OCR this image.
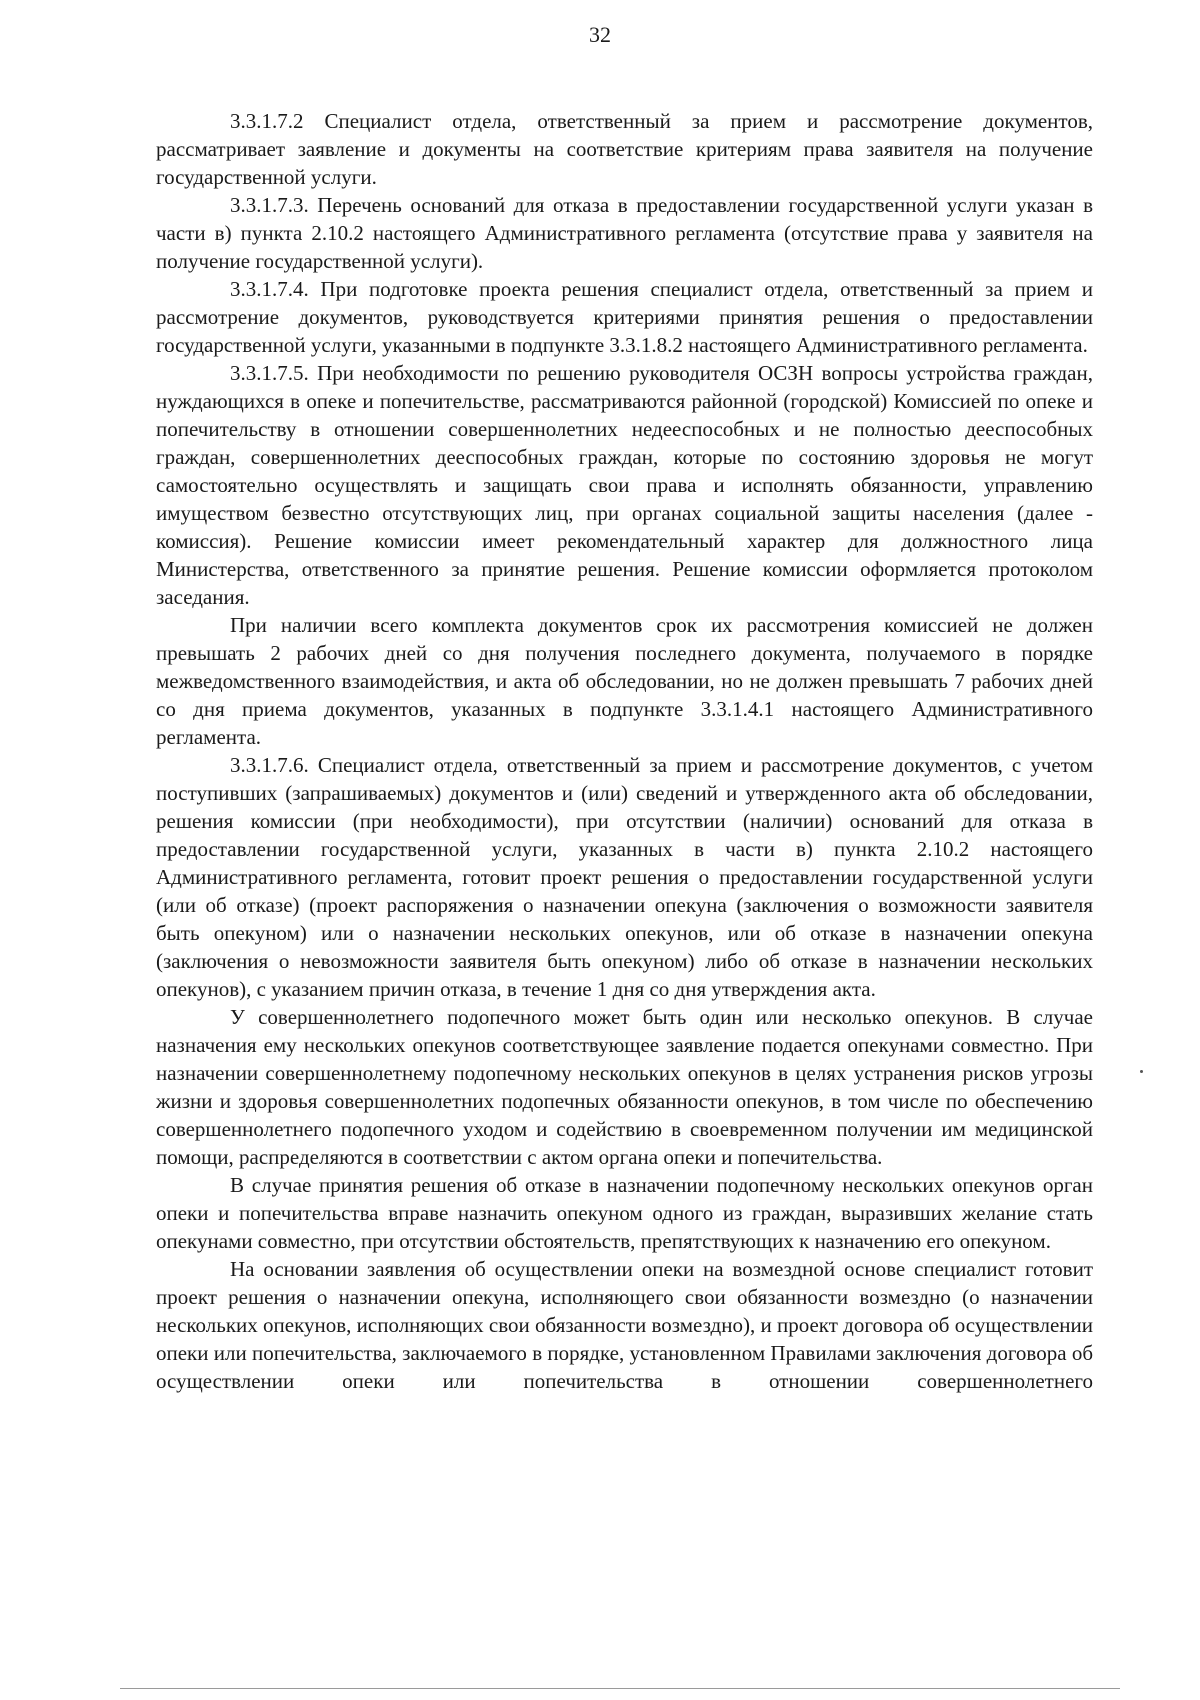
32

3.3.1.7.2 Специалист отдела, ответственный за прием и рассмотрение документов, рассматривает заявление и документы на соответствие критериям права заявителя на получение государственной услуги.

3.3.1.7.3. Перечень оснований для отказа в предоставлении государственной услуги указан в части в) пункта 2.10.2 настоящего Административного регламента (отсутствие права у заявителя на получение государственной услуги).

3.3.1.7.4. При подготовке проекта решения специалист отдела, ответственный за прием и рассмотрение документов, руководствуется критериями принятия решения о предоставлении государственной услуги, указанными в подпункте 3.3.1.8.2 настоящего Административного регламента.

3.3.1.7.5. При необходимости по решению руководителя ОСЗН вопросы устройства граждан, нуждающихся в опеке и попечительстве, рассматриваются районной (городской) Комиссией по опеке и попечительству в отношении совершеннолетних недееспособных и не полностью дееспособных граждан, совершеннолетних дееспособных граждан, которые по состоянию здоровья не могут самостоятельно осуществлять и защищать свои права и исполнять обязанности, управлению имуществом безвестно отсутствующих лиц, при органах социальной защиты населения (далее - комиссия). Решение комиссии имеет рекомендательный характер для должностного лица Министерства, ответственного за принятие решения. Решение комиссии оформляется протоколом заседания.

При наличии всего комплекта документов срок их рассмотрения комиссией не должен превышать 2 рабочих дней со дня получения последнего документа, получаемого в порядке межведомственного взаимодействия, и акта об обследовании, но не должен превышать 7 рабочих дней со дня приема документов, указанных в подпункте 3.3.1.4.1 настоящего Административного регламента.

3.3.1.7.6. Специалист отдела, ответственный за прием и рассмотрение документов, с учетом поступивших (запрашиваемых) документов и (или) сведений и утвержденного акта об обследовании, решения комиссии (при необходимости), при отсутствии (наличии) оснований для отказа в предоставлении государственной услуги, указанных в части в) пункта 2.10.2 настоящего Административного регламента, готовит проект решения о предоставлении государственной услуги (или об отказе) (проект распоряжения о назначении опекуна (заключения о возможности заявителя быть опекуном) или о назначении нескольких опекунов, или об отказе в назначении опекуна (заключения о невозможности заявителя быть опекуном) либо об отказе в назначении нескольких опекунов), с указанием причин отказа, в течение 1 дня со дня утверждения акта.

У совершеннолетнего подопечного может быть один или несколько опекунов. В случае назначения ему нескольких опекунов соответствующее заявление подается опекунами совместно. При назначении совершеннолетнему подопечному нескольких опекунов в целях устранения рисков угрозы жизни и здоровья совершеннолетних подопечных обязанности опекунов, в том числе по обеспечению совершеннолетнего подопечного уходом и содействию в своевременном получении им медицинской помощи, распределяются в соответствии с актом органа опеки и попечительства.

В случае принятия решения об отказе в назначении подопечному нескольких опекунов орган опеки и попечительства вправе назначить опекуном одного из граждан, выразивших желание стать опекунами совместно, при отсутствии обстоятельств, препятствующих к назначению его опекуном.

На основании заявления об осуществлении опеки на возмездной основе специалист готовит проект решения о назначении опекуна, исполняющего свои обязанности возмездно (о назначении нескольких опекунов, исполняющих свои обязанности возмездно), и проект договора об осуществлении опеки или попечительства, заключаемого в порядке, установленном Правилами заключения договора об осуществлении опеки или попечительства в отношении совершеннолетнего
